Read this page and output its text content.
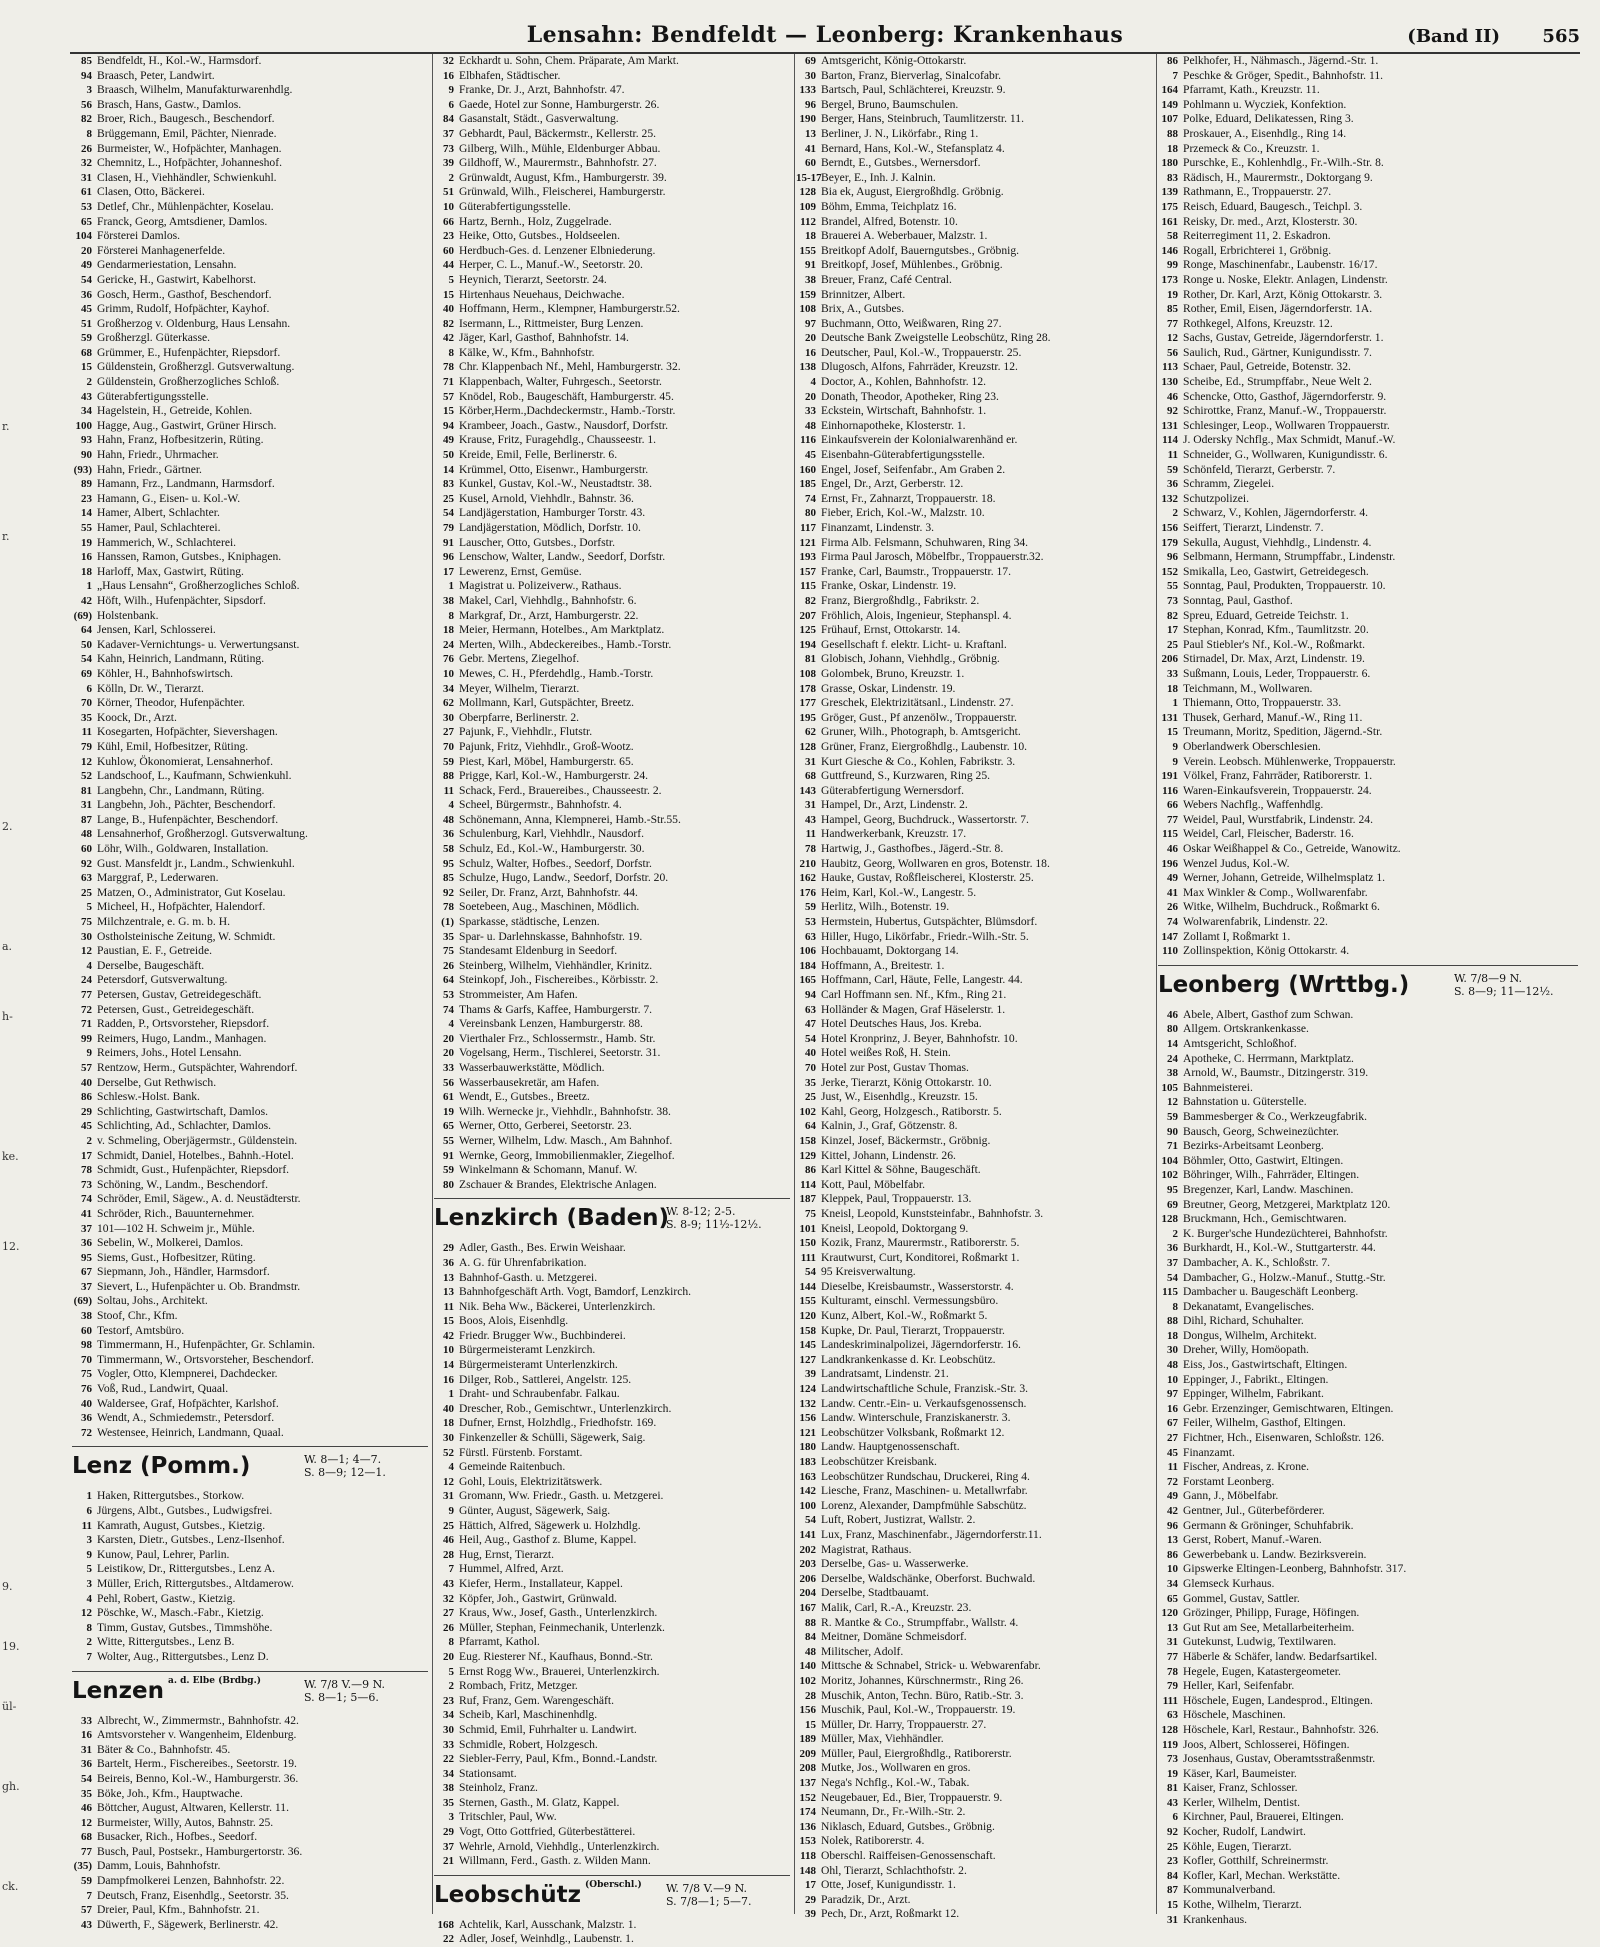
Lensahn: Bendfeldt — Leonberg: Krankenhaus	(Band II) 565
r.
r.
2.
a.
h-
ke.
12.
9.
19.
ül-
gh.
ck.
85 Bendfeldt, H., Kol.-W., Harmsdorf.
94 Braasch, Peter, Landwirt.
3 Braasch, Wilhelm, Manufakturwarenhdlg.
56 Brasch, Hans, Gastw., Damlos.
82 Broer, Rich., Baugesch., Beschendorf.
8 Brüggemann, Emil, Pächter, Nienrade.
26 Burmeister, W., Hofpächter, Manhagen.
32 Chemnitz, L., Hofpächter, Johanneshof.
31 Clasen, H., Viehhändler, Schwienkuhl.
61 Clasen, Otto, Bäckerei.
53 Detlef, Chr., Mühlenpächter, Koselau.
65 Franck, Georg, Amtsdiener, Damlos.
104 Försterei Damlos.
20 Försterei Manhagenerfelde.
49 Gendarmeriestation, Lensahn.
54 Gericke, H., Gastwirt, Kabelhorst.
36 Gosch, Herm., Gasthof, Beschendorf.
45 Grimm, Rudolf, Hofpächter, Kayhof.
51 Großherzog v. Oldenburg, Haus Lensahn.
59 Großherzgl. Güterkasse.
68 Grümmer, E., Hufenpächter, Riepsdorf.
15 Güldenstein, Großherzgl. Gutsverwaltung.
2 Güldenstein, Großherzogliches Schloß.
43 Güterabfertigungsstelle.
34 Hagelstein, H., Getreide, Kohlen.
100 Hagge, Aug., Gastwirt, Grüner Hirsch.
93 Hahn, Franz, Hofbesitzerin, Rüting.
90 Hahn, Friedr., Uhrmacher.
(93) Hahn, Friedr., Gärtner.
89 Hamann, Frz., Landmann, Harmsdorf.
23 Hamann, G., Eisen- u. Kol.-W.
14 Hamer, Albert, Schlachter.
55 Hamer, Paul, Schlachterei.
19 Hammerich, W., Schlachterei.
16 Hanssen, Ramon, Gutsbes., Kniphagen.
18 Harloff, Max, Gastwirt, Rüting.
1 „Haus Lensahn“, Großherzogliches Schloß.
42 Höft, Wilh., Hufenpächter, Sipsdorf.
(69) Holstenbank.
64 Jensen, Karl, Schlosserei.
50 Kadaver-Vernichtungs- u. Verwertungsanst.
54 Kahn, Heinrich, Landmann, Rüting.
69 Köhler, H., Bahnhofswirtsch.
6 Kölln, Dr. W., Tierarzt.
70 Körner, Theodor, Hufenpächter.
35 Koock, Dr., Arzt.
11 Kosegarten, Hofpächter, Sievershagen.
79 Kühl, Emil, Hofbesitzer, Rüting.
12 Kuhlow, Ökonomierat, Lensahnerhof.
52 Landschoof, L., Kaufmann, Schwienkuhl.
81 Langbehn, Chr., Landmann, Rüting.
31 Langbehn, Joh., Pächter, Beschendorf.
87 Lange, B., Hufenpächter, Beschendorf.
48 Lensahnerhof, Großherzogl. Gutsverwaltung.
60 Löhr, Wilh., Goldwaren, Installation.
92 Gust. Mansfeldt jr., Landm., Schwienkuhl.
63 Marggraf, P., Lederwaren.
25 Matzen, O., Administrator, Gut Koselau.
5 Micheel, H., Hofpächter, Halendorf.
75 Milchzentrale, e. G. m. b. H.
30 Ostholsteinische Zeitung, W. Schmidt.
12 Paustian, E. F., Getreide.
4 Derselbe, Baugeschäft.
24 Petersdorf, Gutsverwaltung.
77 Petersen, Gustav, Getreidegeschäft.
72 Petersen, Gust., Getreidegeschäft.
71 Radden, P., Ortsvorsteher, Riepsdorf.
99 Reimers, Hugo, Landm., Manhagen.
9 Reimers, Johs., Hotel Lensahn.
57 Rentzow, Herm., Gutspächter, Wahrendorf.
40 Derselbe, Gut Rethwisch.
86 Schlesw.-Holst. Bank.
29 Schlichting, Gastwirtschaft, Damlos.
45 Schlichting, Ad., Schlachter, Damlos.
2 v. Schmeling, Oberjägermstr., Güldenstein.
17 Schmidt, Daniel, Hotelbes., Bahnh.-Hotel.
78 Schmidt, Gust., Hufenpächter, Riepsdorf.
73 Schöning, W., Landm., Beschendorf.
74 Schröder, Emil, Sägew., A. d. Neustädterstr.
41 Schröder, Rich., Bauunternehmer.
37 101—102 H. Schweim jr., Mühle.
36 Sebelin, W., Molkerei, Damlos.
95 Siems, Gust., Hofbesitzer, Rüting.
67 Siepmann, Joh., Händler, Harmsdorf.
37 Sievert, L., Hufenpächter u. Ob. Brandmstr.
(69) Soltau, Johs., Architekt.
38 Stoof, Chr., Kfm.
60 Testorf, Amtsbüro.
98 Timmermann, H., Hufenpächter, Gr. Schlamin.
70 Timmermann, W., Ortsvorsteher, Beschendorf.
75 Vogler, Otto, Klempnerei, Dachdecker.
76 Voß, Rud., Landwirt, Quaal.
40 Waldersee, Graf, Hofpächter, Karlshof.
36 Wendt, A., Schmiedemstr., Petersdorf.
72 Westensee, Heinrich, Landmann, Quaal.
Lenz (Pomm.)	W. 8—1; 4—7.
S. 8—9; 12—1.
1 Haken, Rittergutsbes., Storkow.
6 Jürgens, Albt., Gutsbes., Ludwigsfrei.
11 Kamrath, August, Gutsbes., Kietzig.
3 Karsten, Dietr., Gutsbes., Lenz-Ilsenhof.
9 Kunow, Paul, Lehrer, Parlin.
5 Leistikow, Dr., Rittergutsbes., Lenz A.
3 Müller, Erich, Rittergutsbes., Altdamerow.
4 Pehl, Robert, Gastw., Kietzig.
12 Pöschke, W., Masch.-Fabr., Kietzig.
8 Timm, Gustav, Gutsbes., Timmshöhe.
2 Witte, Rittergutsbes., Lenz B.
7 Wolter, Aug., Rittergutsbes., Lenz D.
Lenzen a. d. Elbe (Brdbg.)	W. 7/8 V.—9 N.
S. 8—1; 5—6.
33 Albrecht, W., Zimmermstr., Bahnhofstr. 42.
16 Amtsvorsteher v. Wangenheim, Eldenburg.
31 Bäter & Co., Bahnhofstr. 45.
36 Bartelt, Herm., Fischereibes., Seetorstr. 19.
54 Beireis, Benno, Kol.-W., Hamburgerstr. 36.
35 Böke, Joh., Kfm., Hauptwache.
46 Böttcher, August, Altwaren, Kellerstr. 11.
12 Burmeister, Willy, Autos, Bahnstr. 25.
68 Busacker, Rich., Hofbes., Seedorf.
77 Busch, Paul, Postsekr., Hamburgertorstr. 36.
(35) Damm, Louis, Bahnhofstr.
59 Dampfmolkerei Lenzen, Bahnhofstr. 22.
7 Deutsch, Franz, Eisenhdlg., Seetorstr. 35.
57 Dreier, Paul, Kfm., Bahnhofstr. 21.
43 Düwerth, F., Sägewerk, Berlinerstr. 42.
32 Eckhardt u. Sohn, Chem. Präparate, Am Markt.
16 Elbhafen, Städtischer.
9 Franke, Dr. J., Arzt, Bahnhofstr. 47.
6 Gaede, Hotel zur Sonne, Hamburgerstr. 26.
84 Gasanstalt, Städt., Gasverwaltung.
37 Gebhardt, Paul, Bäckermstr., Kellerstr. 25.
73 Gilberg, Wilh., Mühle, Eldenburger Abbau.
39 Gildhoff, W., Maurermstr., Bahnhofstr. 27.
2 Grünwaldt, August, Kfm., Hamburgerstr. 39.
51 Grünwald, Wilh., Fleischerei, Hamburgerstr.
10 Güterabfertigungsstelle.
66 Hartz, Bernh., Holz, Zuggelrade.
23 Heike, Otto, Gutsbes., Holdseelen.
60 Herdbuch-Ges. d. Lenzener Elbniederung.
44 Herper, C. L., Manuf.-W., Seetorstr. 20.
5 Heynich, Tierarzt, Seetorstr. 24.
15 Hirtenhaus Neuehaus, Deichwache.
40 Hoffmann, Herm., Klempner, Hamburgerstr.52.
82 Isermann, L., Rittmeister, Burg Lenzen.
42 Jäger, Karl, Gasthof, Bahnhofstr. 14.
8 Kälke, W., Kfm., Bahnhofstr.
78 Chr. Klappenbach Nf., Mehl, Hamburgerstr. 32.
71 Klappenbach, Walter, Fuhrgesch., Seetorstr.
57 Knödel, Rob., Baugeschäft, Hamburgerstr. 45.
15 Körber,Herm.,Dachdeckermstr., Hamb.-Torstr.
94 Krambeer, Joach., Gastw., Nausdorf, Dorfstr.
49 Krause, Fritz, Furagehdlg., Chausseestr. 1.
50 Kreide, Emil, Felle, Berlinerstr. 6.
14 Krümmel, Otto, Eisenwr., Hamburgerstr.
83 Kunkel, Gustav, Kol.-W., Neustadtstr. 38.
25 Kusel, Arnold, Viehhdlr., Bahnstr. 36.
54 Landjägerstation, Hamburger Torstr. 43.
79 Landjägerstation, Mödlich, Dorfstr. 10.
91 Lauscher, Otto, Gutsbes., Dorfstr.
96 Lenschow, Walter, Landw., Seedorf, Dorfstr.
17 Lewerenz, Ernst, Gemüse.
1 Magistrat u. Polizeiverw., Rathaus.
38 Makel, Carl, Viehhdlg., Bahnhofstr. 6.
8 Markgraf, Dr., Arzt, Hamburgerstr. 22.
18 Meier, Hermann, Hotelbes., Am Marktplatz.
24 Merten, Wilh., Abdeckereibes., Hamb.-Torstr.
76 Gebr. Mertens, Ziegelhof.
10 Mewes, C. H., Pferdehdlg., Hamb.-Torstr.
34 Meyer, Wilhelm, Tierarzt.
62 Mollmann, Karl, Gutspächter, Breetz.
30 Oberpfarre, Berlinerstr. 2.
27 Pajunk, F., Viehhdlr., Flutstr.
70 Pajunk, Fritz, Viehhdlr., Groß-Wootz.
59 Piest, Karl, Möbel, Hamburgerstr. 65.
88 Prigge, Karl, Kol.-W., Hamburgerstr. 24.
11 Schack, Ferd., Brauereibes., Chausseestr. 2.
4 Scheel, Bürgermstr., Bahnhofstr. 4.
48 Schönemann, Anna, Klempnerei, Hamb.-Str.55.
36 Schulenburg, Karl, Viehhdlr., Nausdorf.
58 Schulz, Ed., Kol.-W., Hamburgerstr. 30.
95 Schulz, Walter, Hofbes., Seedorf, Dorfstr.
85 Schulze, Hugo, Landw., Seedorf, Dorfstr. 20.
92 Seiler, Dr. Franz, Arzt, Bahnhofstr. 44.
78 Soetebeen, Aug., Maschinen, Mödlich.
(1) Sparkasse, städtische, Lenzen.
35 Spar- u. Darlehnskasse, Bahnhofstr. 19.
75 Standesamt Eldenburg in Seedorf.
26 Steinberg, Wilhelm, Viehhändler, Krinitz.
64 Steinkopf, Joh., Fischereibes., Körbisstr. 2.
53 Strommeister, Am Hafen.
74 Thams & Garfs, Kaffee, Hamburgerstr. 7.
4 Vereinsbank Lenzen, Hamburgerstr. 88.
20 Vierthaler Frz., Schlossermstr., Hamb. Str.
20 Vogelsang, Herm., Tischlerei, Seetorstr. 31.
33 Wasserbauwerkstätte, Mödlich.
56 Wasserbausekretär, am Hafen.
61 Wendt, E., Gutsbes., Breetz.
19 Wilh. Wernecke jr., Viehhdlr., Bahnhofstr. 38.
65 Werner, Otto, Gerberei, Seetorstr. 23.
55 Werner, Wilhelm, Ldw. Masch., Am Bahnhof.
91 Wernke, Georg, Immobilienmakler, Ziegelhof.
59 Winkelmann & Schomann, Manuf. W.
80 Zschauer & Brandes, Elektrische Anlagen.
Lenzkirch (Baden)
W. 8-12; 2-5.
S. 8-9; 11½-12½.
29 Adler, Gasth., Bes. Erwin Weishaar.
36 A. G. für Uhrenfabrikation.
13 Bahnhof-Gasth. u. Metzgerei.
13 Bahnhofgeschäft Arth. Vogt, Bamdorf, Lenzkirch.
11 Nik. Beha Ww., Bäckerei, Unterlenzkirch.
15 Boos, Alois, Eisenhdlg.
42 Friedr. Brugger Ww., Buchbinderei.
10 Bürgermeisteramt Lenzkirch.
14 Bürgermeisteramt Unterlenzkirch.
16 Dilger, Rob., Sattlerei, Angelstr. 125.
1 Draht- und Schraubenfabr. Falkau.
40 Drescher, Rob., Gemischtwr., Unterlenzkirch.
18 Dufner, Ernst, Holzhdlg., Friedhofstr. 169.
30 Finkenzeller & Schülli, Sägewerk, Saig.
52 Fürstl. Fürstenb. Forstamt.
4 Gemeinde Raitenbuch.
12 Gohl, Louis, Elektrizitätswerk.
31 Gromann, Ww. Friedr., Gasth. u. Metzgerei.
9 Günter, August, Sägewerk, Saig.
25 Hättich, Alfred, Sägewerk u. Holzhdlg.
46 Heil, Aug., Gasthof z. Blume, Kappel.
28 Hug, Ernst, Tierarzt.
7 Hummel, Alfred, Arzt.
43 Kiefer, Herm., Installateur, Kappel.
32 Köpfer, Joh., Gastwirt, Grünwald.
27 Kraus, Ww., Josef, Gasth., Unterlenzkirch.
26 Müller, Stephan, Feinmechanik, Unterlenzk.
8 Pfarramt, Kathol.
20 Eug. Riesterer Nf., Kaufhaus, Bonnd.-Str.
5 Ernst Rogg Ww., Brauerei, Unterlenzkirch.
2 Rombach, Fritz, Metzger.
23 Ruf, Franz, Gem. Warengeschäft.
34 Scheib, Karl, Maschinenhdlg.
30 Schmid, Emil, Fuhrhalter u. Landwirt.
33 Schmidle, Robert, Holzgesch.
22 Siebler-Ferry, Paul, Kfm., Bonnd.-Landstr.
34 Stationsamt.
38 Steinholz, Franz.
35 Sternen, Gasth., M. Glatz, Kappel.
3 Tritschler, Paul, Ww.
29 Vogt, Otto Gottfried, Güterbestätterei.
37 Wehrle, Arnold, Viehhdlg., Unterlenzkirch.
21 Willmann, Ferd., Gasth. z. Wilden Mann.
Leobschütz (Oberschl.) W. 7/8 V.—9 N.
S. 7/8—1; 5—7.
168 Achtelik, Karl, Ausschank, Malzstr. 1.
22 Adler, Josef, Weinhdlg., Laubenstr. 1.
69 Amtsgericht, König-Ottokarstr.
30 Barton, Franz, Bierverlag, Sinalcofabr.
133 Bartsch, Paul, Schlächterei, Kreuzstr. 9.
96 Bergel, Bruno, Baumschulen.
190 Berger, Hans, Steinbruch, Taumlitzerstr. 11.
13 Berliner, J. N., Likörfabr., Ring 1.
41 Bernard, Hans, Kol.-W., Stefansplatz 4.
60 Berndt, E., Gutsbes., Wernersdorf.
15-17Beyer, E., Inh. J. Kalnin.
128 Bia ek, August, Eiergroßhdlg. Gröbnig.
109 Böhm, Emma, Teichplatz 16.
112 Brandel, Alfred, Botenstr. 10.
18 Brauerei A. Weberbauer, Malzstr. 1.
155 Breitkopf Adolf, Bauerngutsbes., Gröbnig.
91 Breitkopf, Josef, Mühlenbes., Gröbnig.
38 Breuer, Franz, Café Central.
159 Brinnitzer, Albert.
108 Brix, A., Gutsbes.
97 Buchmann, Otto, Weißwaren, Ring 27.
20 Deutsche Bank Zweigstelle Leobschütz, Ring 28.
16 Deutscher, Paul, Kol.-W., Troppauerstr. 25.
138 Dlugosch, Alfons, Fahrräder, Kreuzstr. 12.
4 Doctor, A., Kohlen, Bahnhofstr. 12.
20 Donath, Theodor, Apotheker, Ring 23.
33 Eckstein, Wirtschaft, Bahnhofstr. 1.
48 Einhornapotheke, Klosterstr. 1.
116 Einkaufsverein der Kolonialwarenhänd er.
45 Eisenbahn-Güterabfertigungsstelle.
160 Engel, Josef, Seifenfabr., Am Graben 2.
185 Engel, Dr., Arzt, Gerberstr. 12.
74 Ernst, Fr., Zahnarzt, Troppauerstr. 18.
80 Fieber, Erich, Kol.-W., Malzstr. 10.
117 Finanzamt, Lindenstr. 3.
121 Firma Alb. Felsmann, Schuhwaren, Ring 34.
193 Firma Paul Jarosch, Möbelfbr., Troppauerstr.32.
157 Franke, Carl, Baumstr., Troppauerstr. 17.
115 Franke, Oskar, Lindenstr. 19.
82 Franz, Biergroßhdlg., Fabrikstr. 2.
207 Fröhlich, Alois, Ingenieur, Stephanspl. 4.
125 Frühauf, Ernst, Ottokarstr. 14.
194 Gesellschaft f. elektr. Licht- u. Kraftanl.
81 Globisch, Johann, Viehhdlg., Gröbnig.
108 Golombek, Bruno, Kreuzstr. 1.
178 Grasse, Oskar, Lindenstr. 19.
177 Greschek, Elektrizitätsanl., Lindenstr. 27.
195 Gröger, Gust., Pf anzenölw., Troppauerstr.
62 Gruner, Wilh., Photograph, b. Amtsgericht.
128 Grüner, Franz, Eiergroßhdlg., Laubenstr. 10.
31 Kurt Giesche & Co., Kohlen, Fabrikstr. 3.
68 Guttfreund, S., Kurzwaren, Ring 25.
143 Güterabfertigung Wernersdorf.
31 Hampel, Dr., Arzt, Lindenstr. 2.
43 Hampel, Georg, Buchdruck., Wassertorstr. 7.
11 Handwerkerbank, Kreuzstr. 17.
78 Hartwig, J., Gasthofbes., Jägerd.-Str. 8.
210 Haubitz, Georg, Wollwaren en gros, Botenstr. 18.
162 Hauke, Gustav, Roßfleischerei, Klosterstr. 25.
176 Heim, Karl, Kol.-W., Langestr. 5.
59 Herlitz, Wilh., Botenstr. 19.
53 Hermstein, Hubertus, Gutspächter, Blümsdorf.
63 Hiller, Hugo, Likörfabr., Friedr.-Wilh.-Str. 5.
106 Hochbauamt, Doktorgang 14.
184 Hoffmann, A., Breitestr. 1.
165 Hoffmann, Carl, Häute, Felle, Langestr. 44.
94 Carl Hoffmann sen. Nf., Kfm., Ring 21.
63 Holländer & Magen, Graf Häselerstr. 1.
47 Hotel Deutsches Haus, Jos. Kreba.
54 Hotel Kronprinz, J. Beyer, Bahnhofstr. 10.
40 Hotel weißes Roß, H. Stein.
70 Hotel zur Post, Gustav Thomas.
35 Jerke, Tierarzt, König Ottokarstr. 10.
25 Just, W., Eisenhdlg., Kreuzstr. 15.
102 Kahl, Georg, Holzgesch., Ratiborstr. 5.
64 Kalnin, J., Graf, Götzenstr. 8.
158 Kinzel, Josef, Bäckermstr., Gröbnig.
129 Kittel, Johann, Lindenstr. 26.
86 Karl Kittel & Söhne, Baugeschäft.
114 Kott, Paul, Möbelfabr.
187 Kleppek, Paul, Troppauerstr. 13.
75 Kneisl, Leopold, Kunststeinfabr., Bahnhofstr. 3.
101 Kneisl, Leopold, Doktorgang 9.
150 Kozik, Franz, Maurermstr., Ratiborerstr. 5.
111 Krautwurst, Curt, Konditorei, Roßmarkt 1.
54 95 Kreisverwaltung.
144 Dieselbe, Kreisbaumstr., Wasserstorstr. 4.
155 Kulturamt, einschl. Vermessungsbüro.
120 Kunz, Albert, Kol.-W., Roßmarkt 5.
158 Kupke, Dr. Paul, Tierarzt, Troppauerstr.
145 Landeskriminalpolizei, Jägerndorferstr. 16.
127 Landkrankenkasse d. Kr. Leobschütz.
39 Landratsamt, Lindenstr. 21.
124 Landwirtschaftliche Schule, Franzisk.-Str. 3.
132 Landw. Centr.-Ein- u. Verkaufsgenossensch.
156 Landw. Winterschule, Franziskanerstr. 3.
121 Leobschützer Volksbank, Roßmarkt 12.
180 Landw. Hauptgenossenschaft.
183 Leobschützer Kreisbank.
163 Leobschützer Rundschau, Druckerei, Ring 4.
142 Liesche, Franz, Maschinen- u. Metallwrfabr.
100 Lorenz, Alexander, Dampfmühle Sabschütz.
54 Luft, Robert, Justizrat, Wallstr. 2.
141 Lux, Franz, Maschinenfabr., Jägerndorferstr.11.
202 Magistrat, Rathaus.
203 Derselbe, Gas- u. Wasserwerke.
206 Derselbe, Waldschänke, Oberforst. Buchwald.
204 Derselbe, Stadtbauamt.
167 Malik, Carl, R.-A., Kreuzstr. 23.
88 R. Mantke & Co., Strumpffabr., Wallstr. 4.
84 Meitner, Domäne Schmeisdorf.
48 Militscher, Adolf.
140 Mittsche & Schnabel, Strick- u. Webwarenfabr.
102 Moritz, Johannes, Kürschnermstr., Ring 26.
28 Muschik, Anton, Techn. Büro, Ratib.-Str. 3.
156 Muschik, Paul, Kol.-W., Troppauerstr. 19.
15 Müller, Dr. Harry, Troppauerstr. 27.
189 Müller, Max, Viehhändler.
209 Müller, Paul, Eiergroßhdlg., Ratiborerstr.
208 Mutke, Jos., Wollwaren en gros.
137 Nega's Nchflg., Kol.-W., Tabak.
152 Neugebauer, Ed., Bier, Troppauerstr. 9.
174 Neumann, Dr., Fr.-Wilh.-Str. 2.
136 Niklasch, Eduard, Gutsbes., Gröbnig.
153 Nolek, Ratiborerstr. 4.
118 Oberschl. Raiffeisen-Genossenschaft.
148 Ohl, Tierarzt, Schlachthofstr. 2.
17 Otte, Josef, Kunigundisstr. 1.
29 Paradzik, Dr., Arzt.
39 Pech, Dr., Arzt, Roßmarkt 12.
86 Pelkhofer, H., Nähmasch., Jägernd.-Str. 1.
7 Peschke & Gröger, Spedit., Bahnhofstr. 11.
164 Pfarramt, Kath., Kreuzstr. 11.
149 Pohlmann u. Wycziek, Konfektion.
107 Polke, Eduard, Delikatessen, Ring 3.
88 Proskauer, A., Eisenhdlg., Ring 14.
18 Przemeck & Co., Kreuzstr. 1.
180 Purschke, E., Kohlenhdlg., Fr.-Wilh.-Str. 8.
83 Rädisch, H., Maurermstr., Doktorgang 9.
139 Rathmann, E., Troppauerstr. 27.
175 Reisch, Eduard, Baugesch., Teichpl. 3.
161 Reisky, Dr. med., Arzt, Klosterstr. 30.
58 Reiterregiment 11, 2. Eskadron.
146 Rogall, Erbrichterei 1, Gröbnig.
99 Ronge, Maschinenfabr., Laubenstr. 16/17.
173 Ronge u. Noske, Elektr. Anlagen, Lindenstr.
19 Rother, Dr. Karl, Arzt, König Ottokarstr. 3.
85 Rother, Emil, Eisen, Jägerndorferstr. 1A.
77 Rothkegel, Alfons, Kreuzstr. 12.
12 Sachs, Gustav, Getreide, Jägerndorferstr. 1.
56 Saulich, Rud., Gärtner, Kunigundisstr. 7.
113 Schaer, Paul, Getreide, Botenstr. 32.
130 Scheibe, Ed., Strumpffabr., Neue Welt 2.
46 Schencke, Otto, Gasthof, Jägerndorferstr. 9.
92 Schirottke, Franz, Manuf.-W., Troppauerstr.
131 Schlesinger, Leop., Wollwaren Troppauerstr.
114 J. Odersky Nchflg., Max Schmidt, Manuf.-W.
11 Schneider, G., Wollwaren, Kunigundisstr. 6.
59 Schönfeld, Tierarzt, Gerberstr. 7.
36 Schramm, Ziegelei.
132 Schutzpolizei.
2 Schwarz, V., Kohlen, Jägerndorferstr. 4.
156 Seiffert, Tierarzt, Lindenstr. 7.
179 Sekulla, August, Viehhdlg., Lindenstr. 4.
96 Selbmann, Hermann, Strumpffabr., Lindenstr.
152 Smikalla, Leo, Gastwirt, Getreidegesch.
55 Sonntag, Paul, Produkten, Troppauerstr. 10.
73 Sonntag, Paul, Gasthof.
82 Spreu, Eduard, Getreide Teichstr. 1.
17 Stephan, Konrad, Kfm., Taumlitzstr. 20.
25 Paul Stiebler's Nf., Kol.-W., Roßmarkt.
206 Stirnadel, Dr. Max, Arzt, Lindenstr. 19.
33 Sußmann, Louis, Leder, Troppauerstr. 6.
18 Teichmann, M., Wollwaren.
1 Thiemann, Otto, Troppauerstr. 33.
131 Thusek, Gerhard, Manuf.-W., Ring 11.
15 Treumann, Moritz, Spedition, Jägernd.-Str.
9 Oberlandwerk Oberschlesien.
9 Verein. Leobsch. Mühlenwerke, Troppauerstr.
191 Völkel, Franz, Fahrräder, Ratiborerstr. 1.
116 Waren-Einkaufsverein, Troppauerstr. 24.
66 Webers Nachflg., Waffenhdlg.
77 Weidel, Paul, Wurstfabrik, Lindenstr. 24.
115 Weidel, Carl, Fleischer, Baderstr. 16.
46 Oskar Weißhappel & Co., Getreide, Wanowitz.
196 Wenzel Judus, Kol.-W.
49 Werner, Johann, Getreide, Wilhelmsplatz 1.
41 Max Winkler & Comp., Wollwarenfabr.
26 Witke, Wilhelm, Buchdruck., Roßmarkt 6.
74 Wolwarenfabrik, Lindenstr. 22.
147 Zollamt I, Roßmarkt 1.
110 Zollinspektion, König Ottokarstr. 4.
Leonberg (Wrttbg.)	W. 7/8—9 N.
S. 8—9; 11—12½.
46 Abele, Albert, Gasthof zum Schwan.
80 Allgem. Ortskrankenkasse.
14 Amtsgericht, Schloßhof.
24 Apotheke, C. Herrmann, Marktplatz.
38 Arnold, W., Baumstr., Ditzingerstr. 319.
105 Bahnmeisterei.
12 Bahnstation u. Güterstelle.
59 Bammesberger & Co., Werkzeugfabrik.
90 Bausch, Georg, Schweinezüchter.
71 Bezirks-Arbeitsamt Leonberg.
104 Böhmler, Otto, Gastwirt, Eltingen.
102 Böhringer, Wilh., Fahrräder, Eltingen.
95 Bregenzer, Karl, Landw. Maschinen.
69 Breutner, Georg, Metzgerei, Marktplatz 120.
128 Bruckmann, Hch., Gemischtwaren.
2 K. Burger'sche Hundezüchterei, Bahnhofstr.
36 Burkhardt, H., Kol.-W., Stuttgarterstr. 44.
37 Dambacher, A. K., Schloßstr. 7.
54 Dambacher, G., Holzw.-Manuf., Stuttg.-Str.
115 Dambacher u. Baugeschäft Leonberg.
8 Dekanatamt, Evangelisches.
88 Dihl, Richard, Schuhalter.
18 Dongus, Wilhelm, Architekt.
30 Dreher, Willy, Homöopath.
48 Eiss, Jos., Gastwirtschaft, Eltingen.
10 Eppinger, J., Fabrikt., Eltingen.
97 Eppinger, Wilhelm, Fabrikant.
16 Gebr. Erzenzinger, Gemischtwaren, Eltingen.
67 Feiler, Wilhelm, Gasthof, Eltingen.
27 Fichtner, Hch., Eisenwaren, Schloßstr. 126.
45 Finanzamt.
11 Fischer, Andreas, z. Krone.
72 Forstamt Leonberg.
49 Gann, J., Möbelfabr.
42 Gentner, Jul., Güterbeförderer.
96 Germann & Gröninger, Schuhfabrik.
13 Gerst, Robert, Manuf.-Waren.
86 Gewerbebank u. Landw. Bezirksverein.
10 Gipswerke Eltingen-Leonberg, Bahnhofstr. 317.
34 Glemseck Kurhaus.
65 Gommel, Gustav, Sattler.
120 Grözinger, Philipp, Furage, Höfingen.
13 Gut Rut am See, Metallarbeiterheim.
31 Gutekunst, Ludwig, Textilwaren.
77 Häberle & Schäfer, landw. Bedarfsartikel.
78 Hegele, Eugen, Katastergeometer.
79 Heller, Karl, Seifenfabr.
111 Höschele, Eugen, Landesprod., Eltingen.
63 Höschele, Maschinen.
128 Höschele, Karl, Restaur., Bahnhofstr. 326.
119 Joos, Albert, Schlosserei, Höfingen.
73 Josenhaus, Gustav, Oberamtsstraßenmstr.
19 Käser, Karl, Baumeister.
81 Kaiser, Franz, Schlosser.
43 Kerler, Wilhelm, Dentist.
6 Kirchner, Paul, Brauerei, Eltingen.
92 Kocher, Rudolf, Landwirt.
25 Köhle, Eugen, Tierarzt.
23 Kofler, Gotthilf, Schreinermstr.
84 Kofler, Karl, Mechan. Werkstätte.
87 Kommunalverband.
15 Kothe, Wilhelm, Tierarzt.
31 Krankenhaus.
